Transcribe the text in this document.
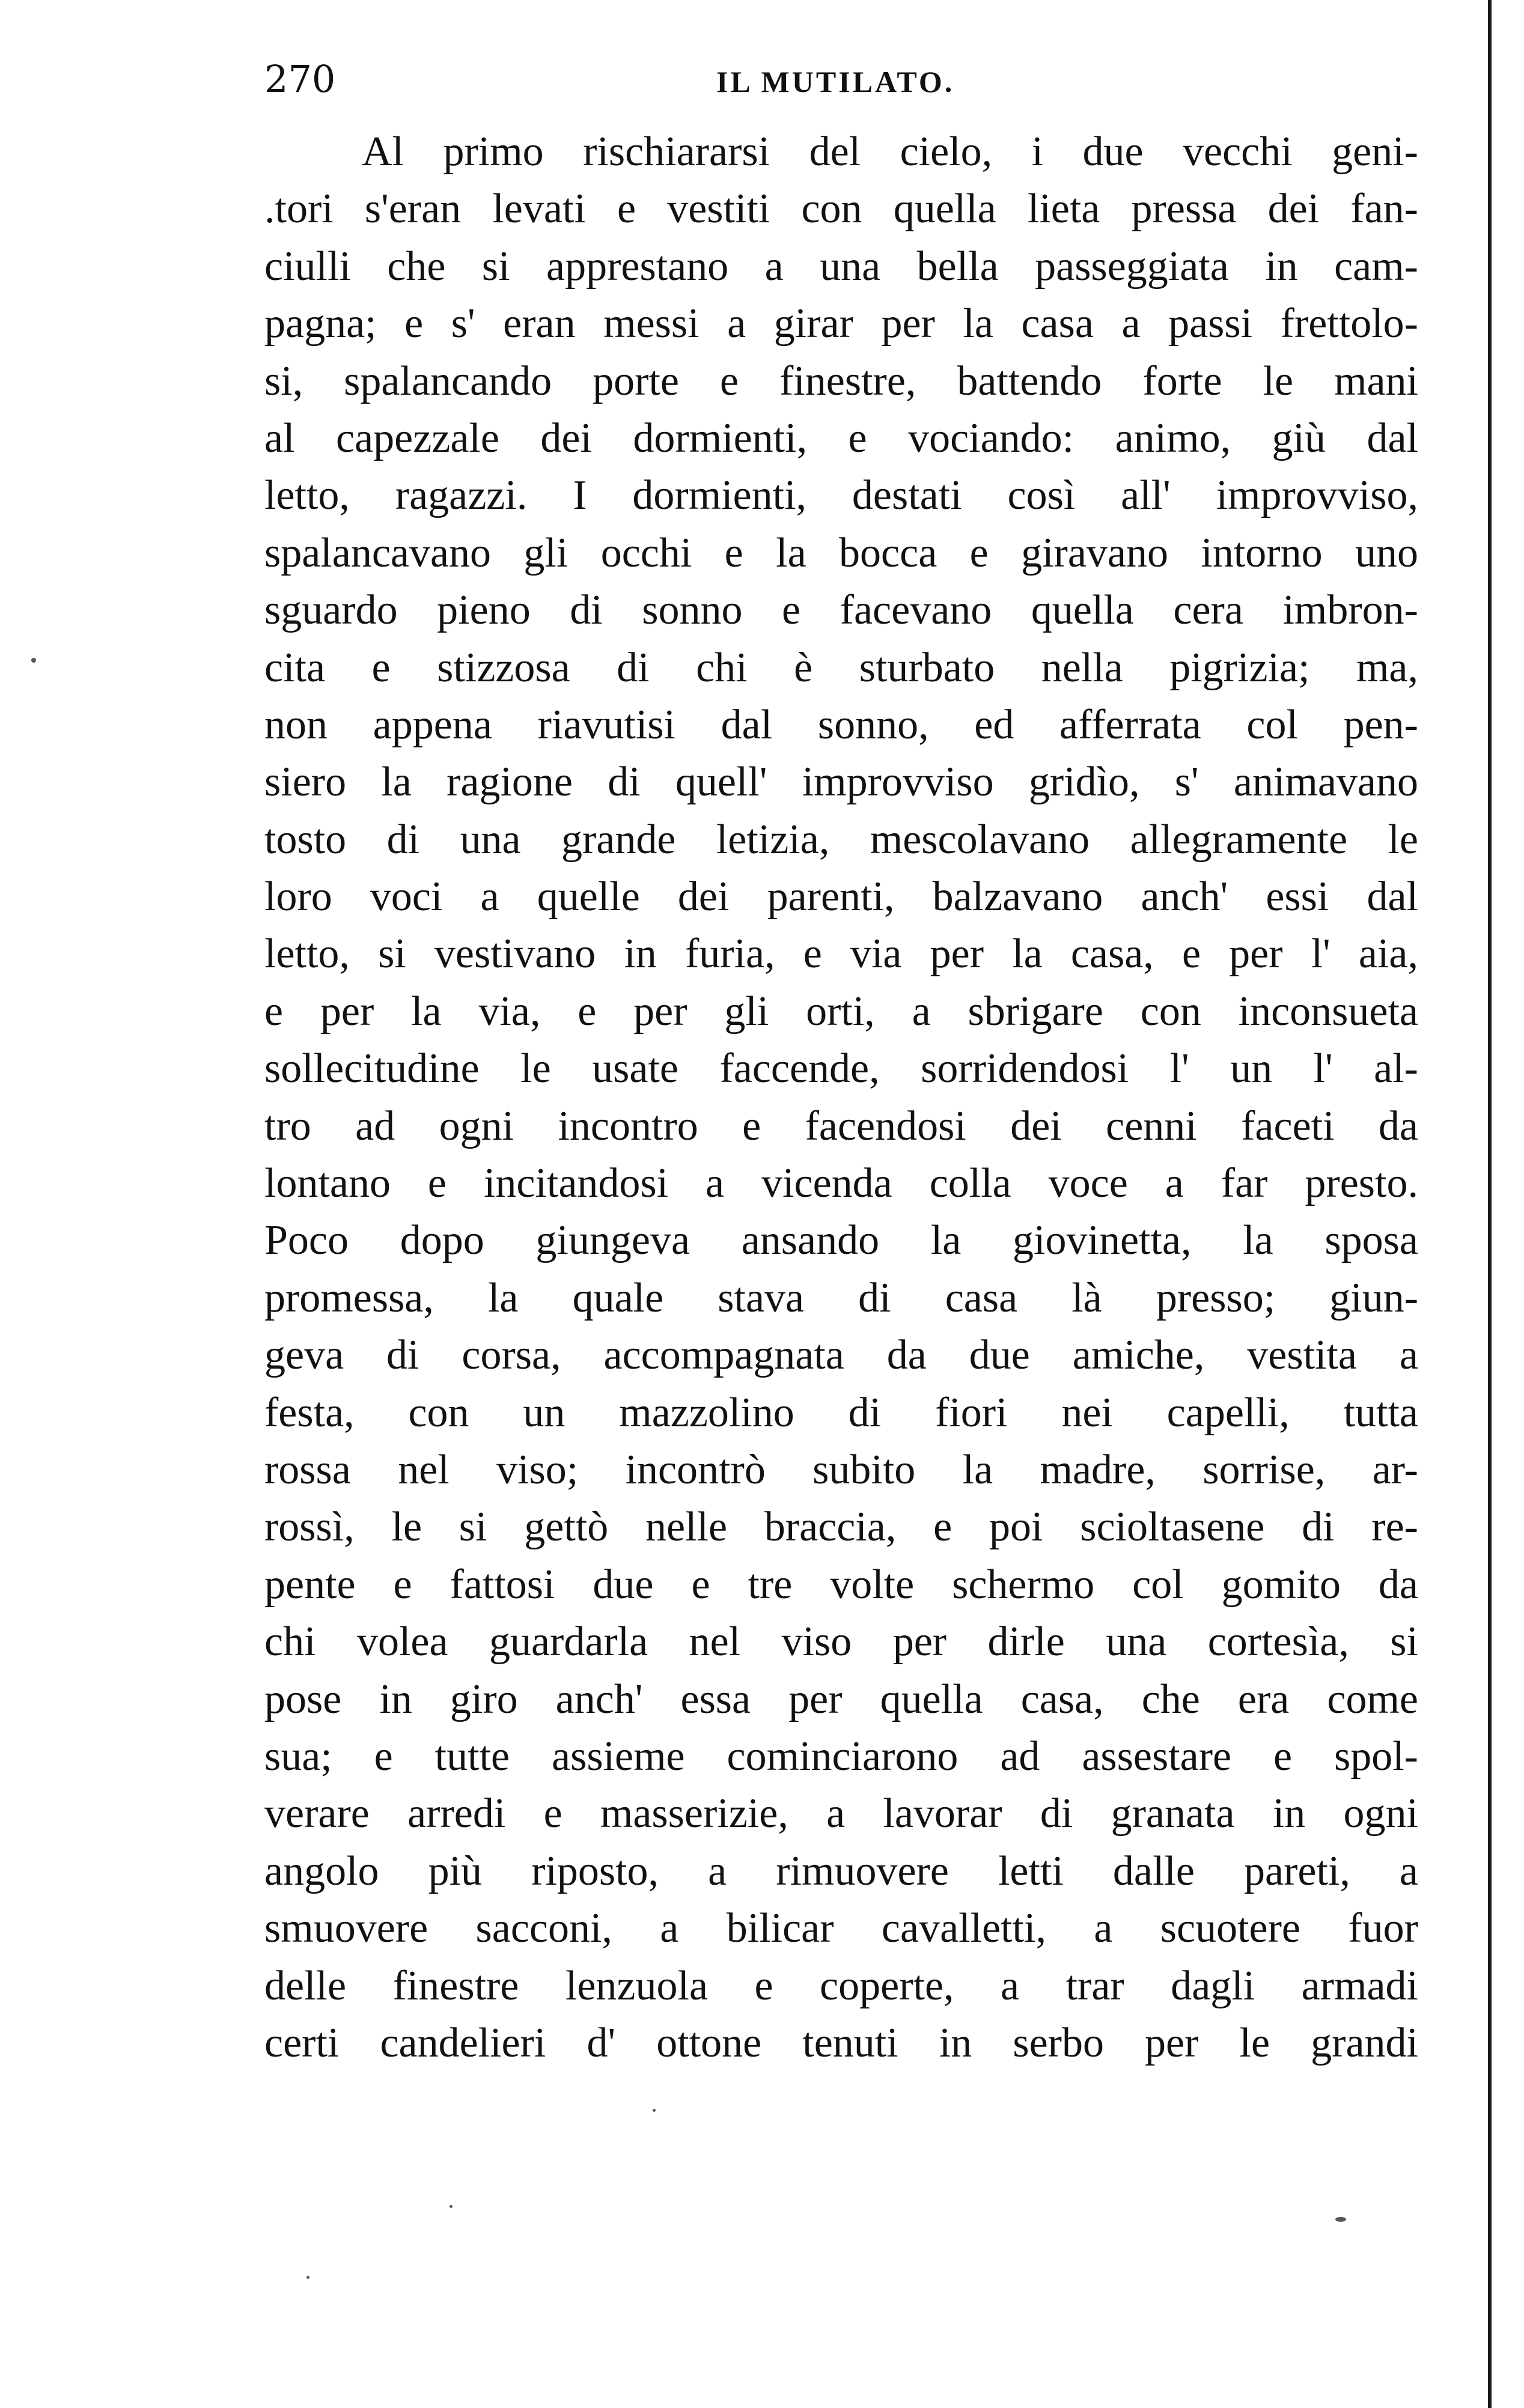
270	IL MUTILATO.
Al primo rischiararsi del cielo, i due vecchi geni-
.tori s'eran levati e vestiti con quella lieta pressa dei fan-
ciulli che si apprestano a una bella passeggiata in cam-
pagna; e s' eran messi a girar per la casa a passi frettolo-
si, spalancando porte e finestre, battendo forte le mani
al capezzale dei dormienti, e vociando: animo, giù dal
letto, ragazzi. I dormienti, destati così all' improvviso,
spalancavano gli occhi e la bocca e giravano intorno uno
sguardo pieno di sonno e facevano quella cera imbron-
cita e stizzosa di chi è sturbato nella pigrizia; ma,
non appena riavutisi dal sonno, ed afferrata col pen-
siero la ragione di quell' improvviso gridìo, s' animavano
tosto di una grande letizia, mescolavano allegramente le
loro voci a quelle dei parenti, balzavano anch' essi dal
letto, si vestivano in furia, e via per la casa, e per l' aia,
e per la via, e per gli orti, a sbrigare con inconsueta
sollecitudine le usate faccende, sorridendosi l' un l' al-
tro ad ogni incontro e facendosi dei cenni faceti da
lontano e incitandosi a vicenda colla voce a far presto.
Poco dopo giungeva ansando la giovinetta, la sposa
promessa, la quale stava di casa là presso; giun-
geva di corsa, accompagnata da due amiche, vestita a
festa, con un mazzolino di fiori nei capelli, tutta
rossa nel viso; incontrò subito la madre, sorrise, ar-
rossì, le si gettò nelle braccia, e poi scioltasene di re-
pente e fattosi due e tre volte schermo col gomito da
chi volea guardarla nel viso per dirle una cortesìa, si
pose in giro anch' essa per quella casa, che era come
sua; e tutte assieme cominciarono ad assestare e spol-
verare arredi e masserizie, a lavorar di granata in ogni
angolo più riposto, a rimuovere letti dalle pareti, a
smuovere sacconi, a bilicar cavalletti, a scuotere fuor
delle finestre lenzuola e coperte, a trar dagli armadi
certi candelieri d' ottone tenuti in serbo per le grandi
